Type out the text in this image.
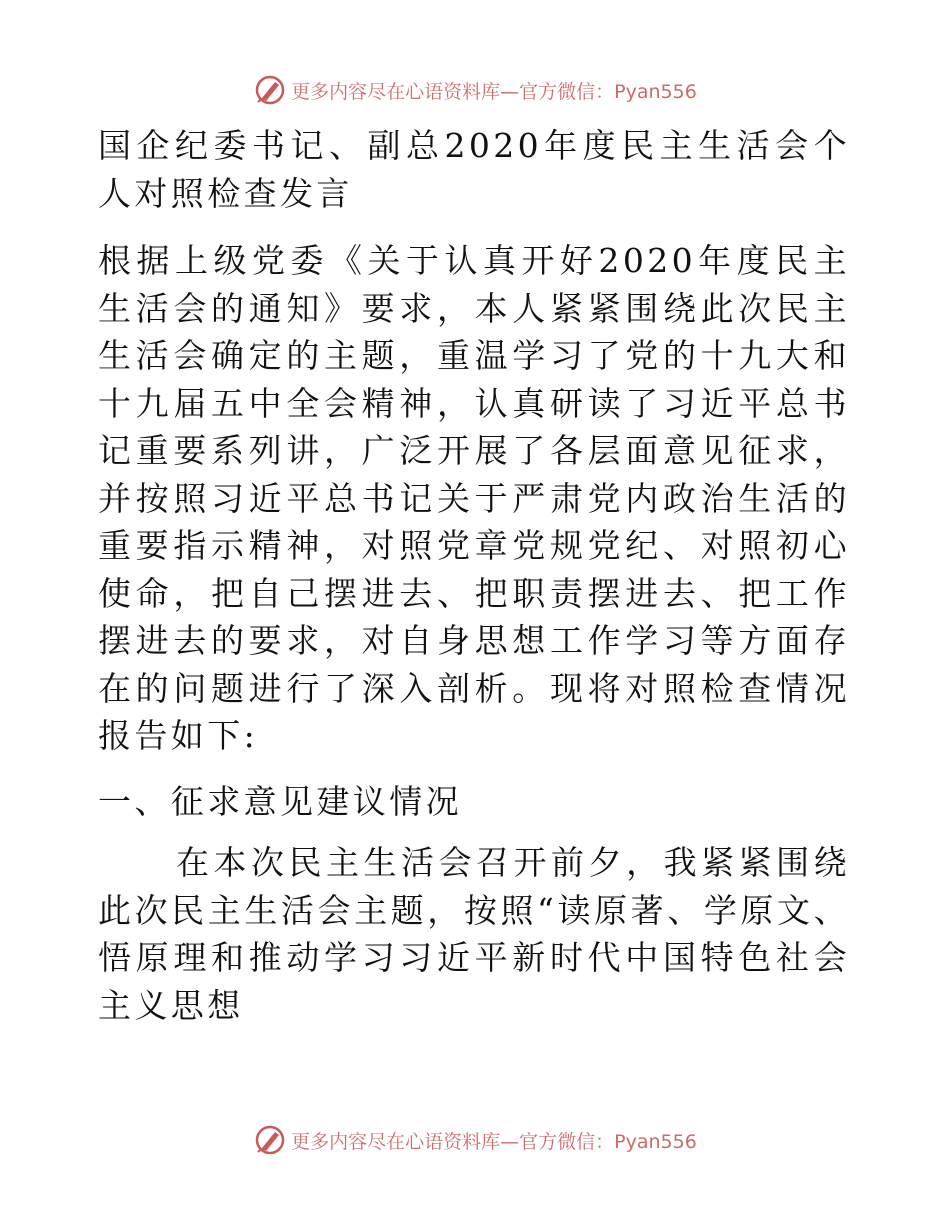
更多内容尽在心语资料库—官方微信：Pyan556

国企纪委书记、副总2020年度民主生活会个人对照检查发言

根据上级党委《关于认真开好2020年度民主生活会的通知》要求，本人紧紧围绕此次民主生活会确定的主题，重温学习了党的十九大和十九届五中全会精神，认真研读了习近平总书记重要系列讲，广泛开展了各层面意见征求，并按照习近平总书记关于严肃党内政治生活的重要指示精神，对照党章党规党纪、对照初心使命，把自己摆进去、把职责摆进去、把工作摆进去的要求，对自身思想工作学习等方面存在的问题进行了深入剖析。现将对照检查情况报告如下:

一、征求意见建议情况

在本次民主生活会召开前夕，我紧紧围绕此次民主生活会主题，按照“读原著、学原文、悟原理和推动学习习近平新时代中国特色社会主义思想

更多内容尽在心语资料库—官方微信：Pyan556
